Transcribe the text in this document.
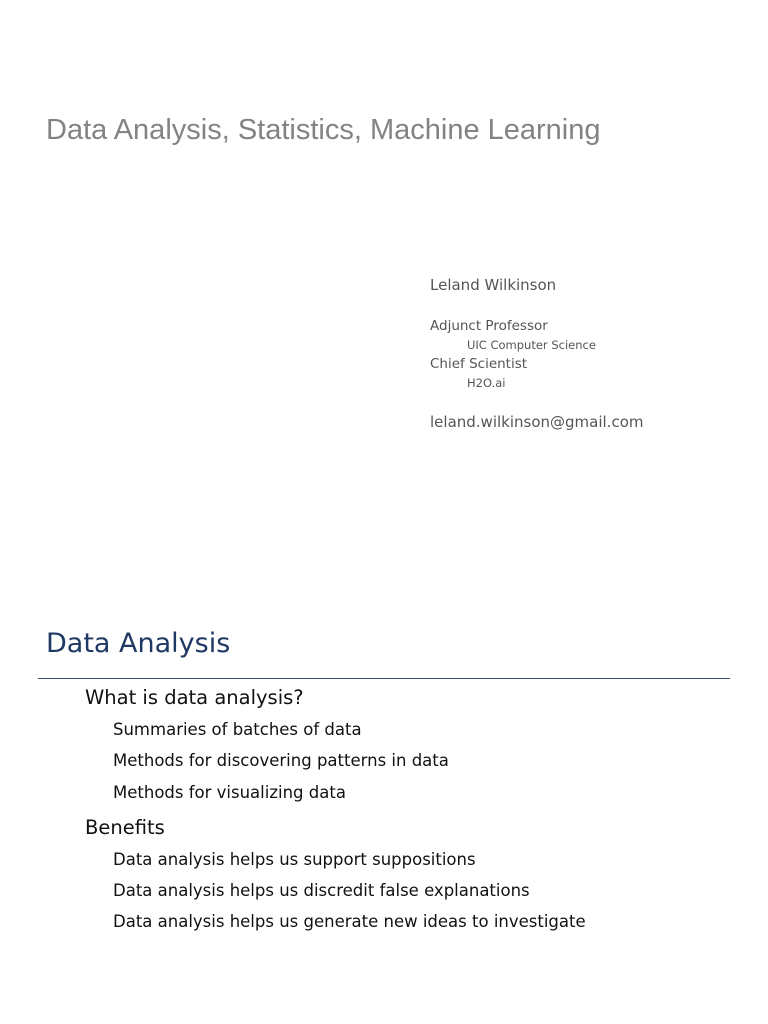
Data Analysis, Statistics, Machine Learning
Leland Wilkinson
Adjunct Professor
UIC Computer Science
Chief Scientist
H2O.ai
leland.wilkinson@gmail.com
Data Analysis

What is data analysis?

Summaries of batches of data

Methods for discovering patterns in data

Methods for visualizing data

Benefits

Data analysis helps us support suppositions

Data analysis helps us discredit false explanations

Data analysis helps us generate new ideas to investigate
